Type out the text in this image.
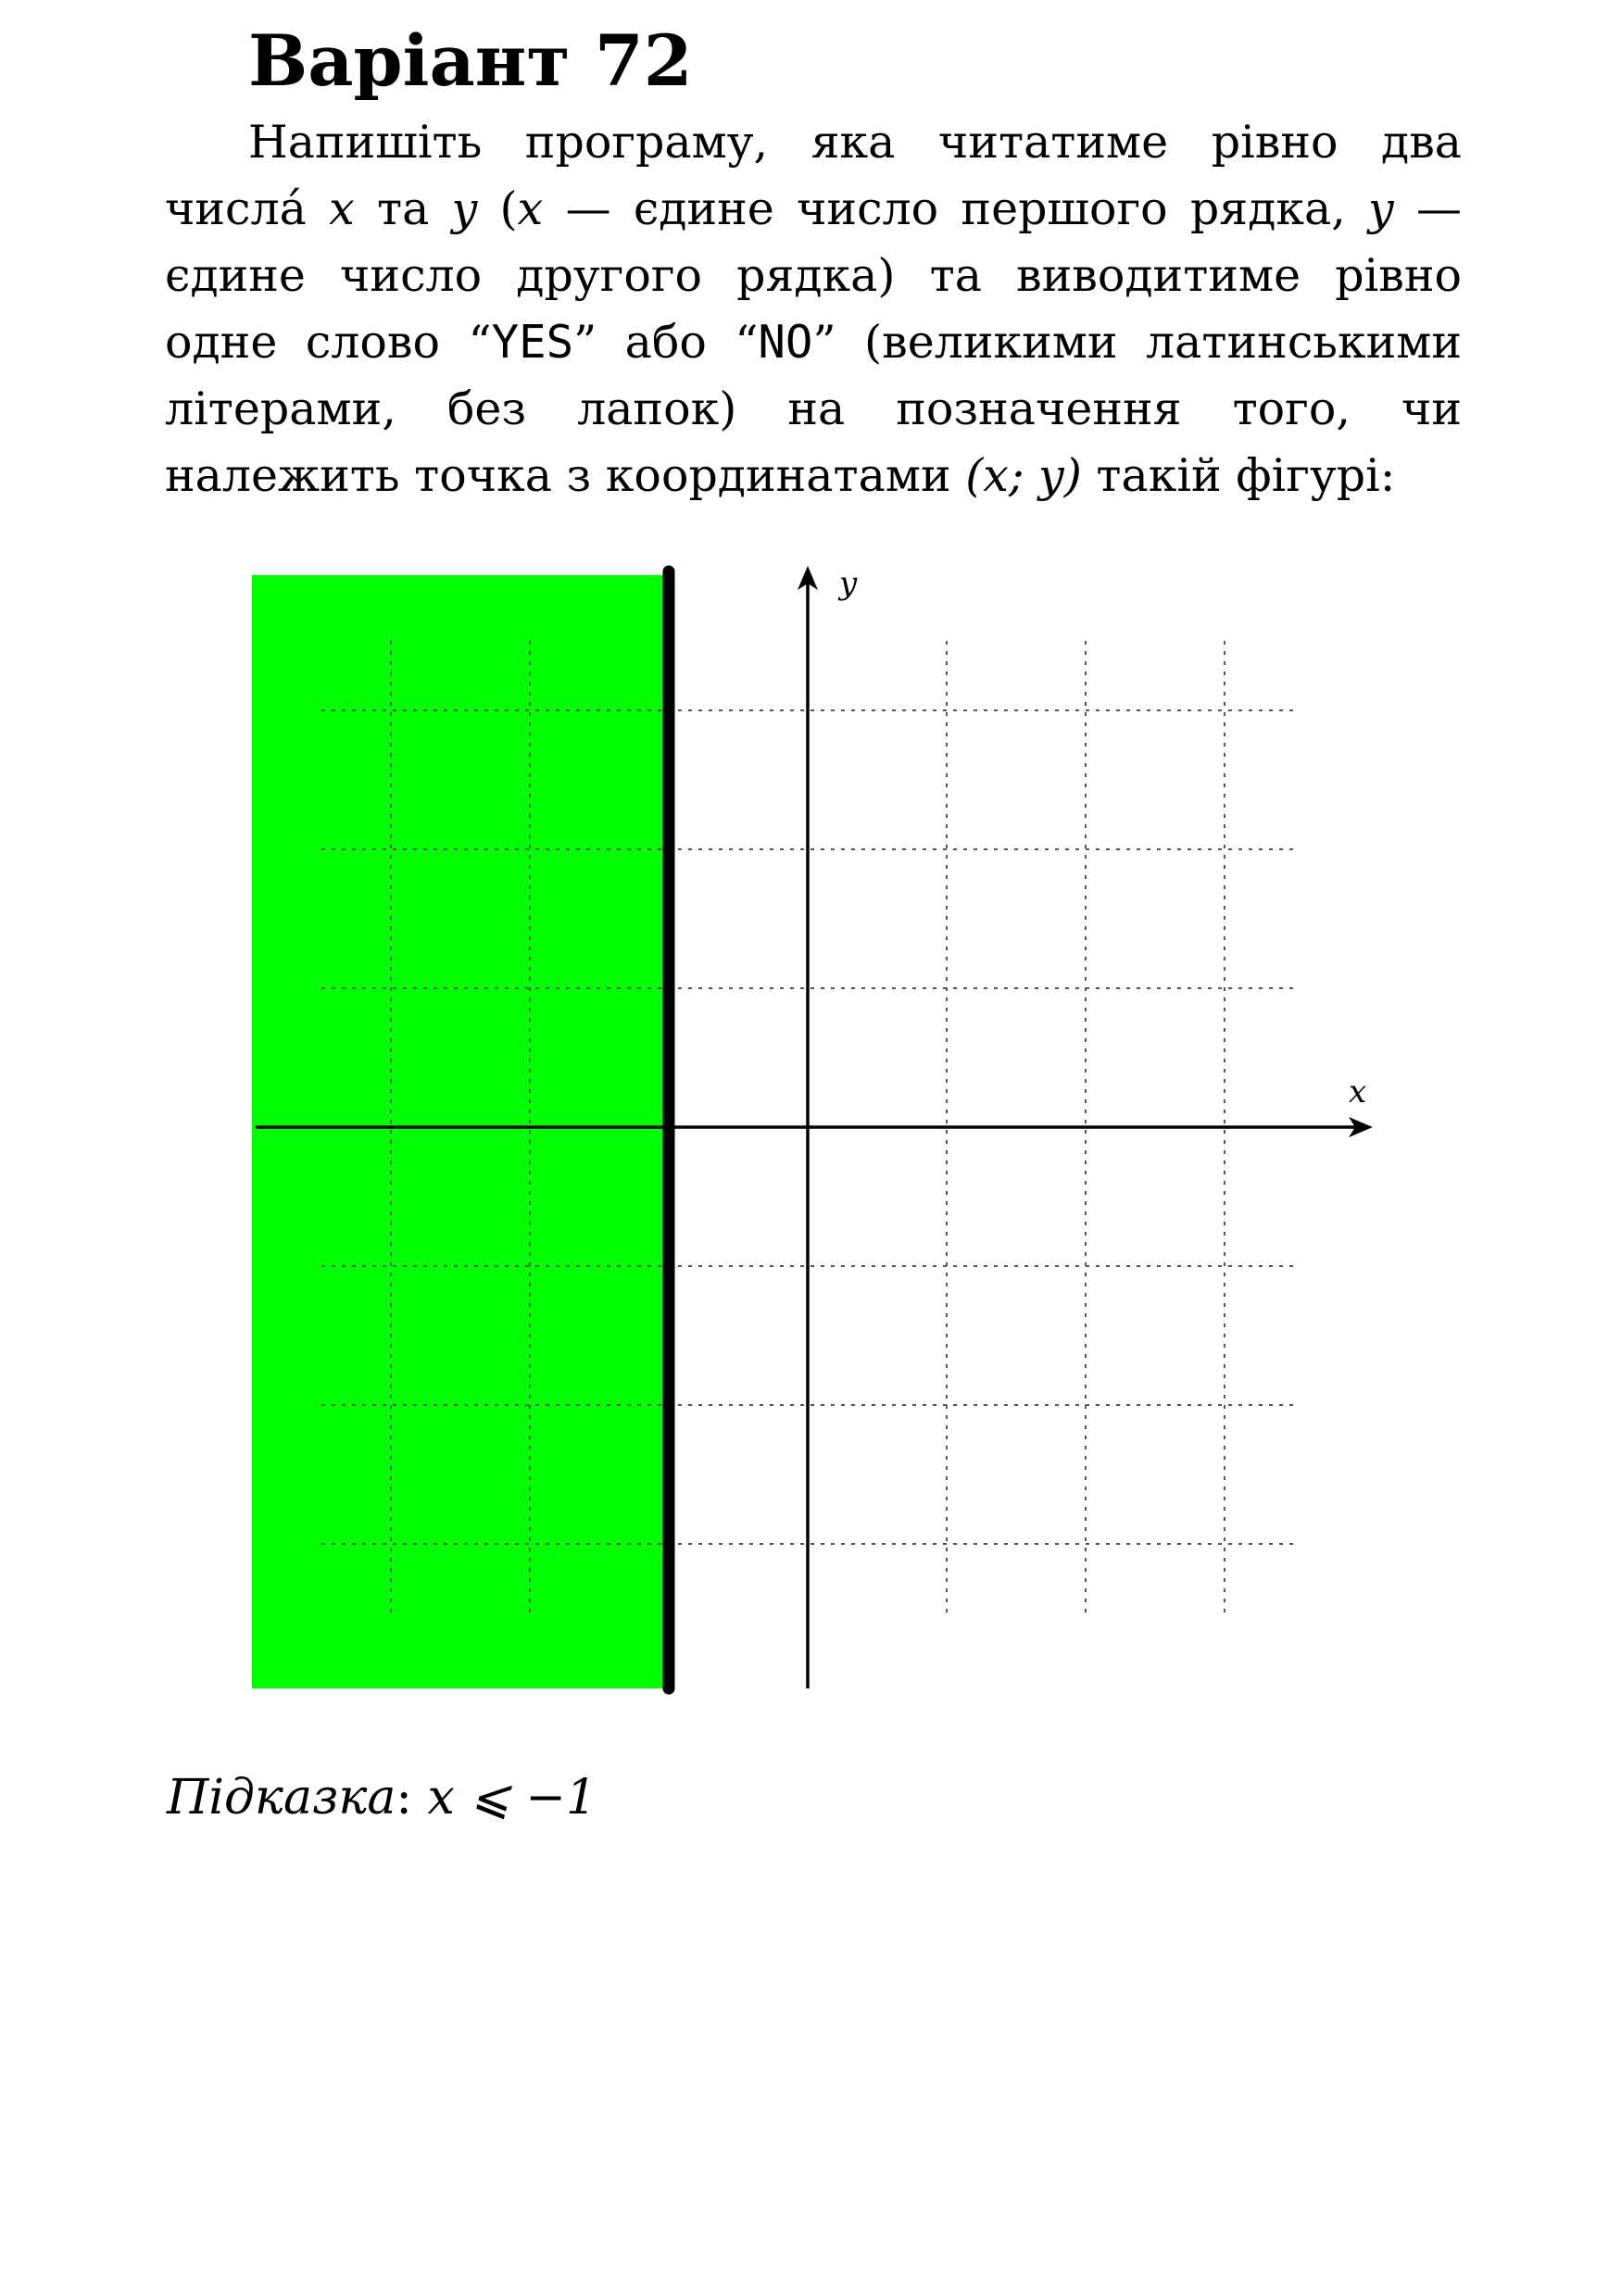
Варіант 72

Напишіть програму, яка читатиме рівно два числá x та y (x — єдине число першого рядка, y — єдине число другого рядка) та виводитиме рівно одне слово “YES” або “NO” (великими латинськими літерами, без лапок) на позначення того, чи належить точка з координатами (x; y) такій фігурі:

x
y
Підказка: x ⩽ −1
